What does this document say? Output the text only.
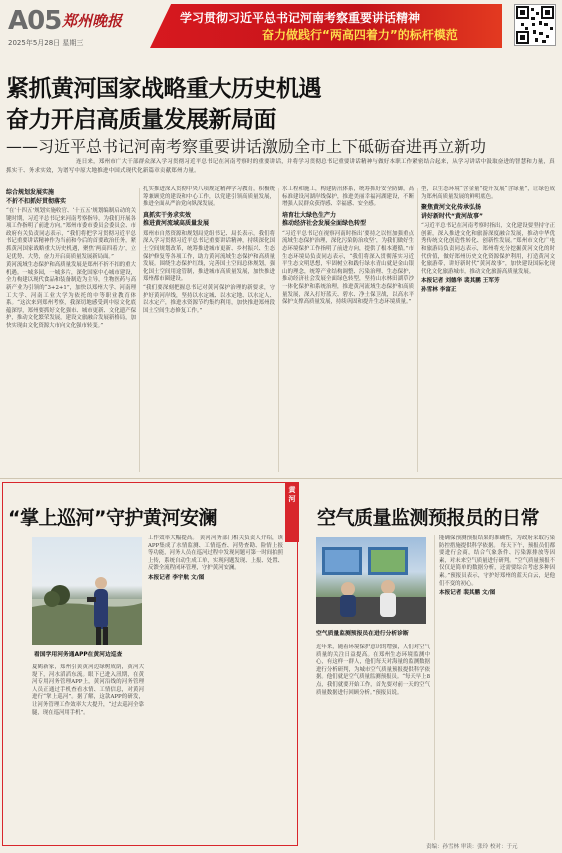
A05 郑州晚报
2025年5月28日 星期三
学习贯彻习近平总书记河南考察重要讲话精神
奋力做践行“两高四着力”的标杆模范
紧抓黄河国家战略重大历史机遇
奋力开启高质量发展新局面
——习近平总书记河南考察重要讲话激励全市上下砥砺奋进再立新功
连日来，郑州市广大干部群众深入学习贯彻习近平总书记在河南考察时的重要讲话，并将学习贯彻总书记重要讲话精神与做好本职工作紧密结合起来，从学习讲话中汲取奋进的智慧和力量，真抓实干、务求实效，为谱写中原大地推进中国式现代化新篇章贡献郑州力量。
综合规划发展实施
不折不扣抓好贯彻落实

“在‘十四五’规划实施收官、‘十五五’规划编制启动的关键时期，习近平总书记来河南考察指导，为我们开展各项工作指明了前进方向。”郑州市委市委员会委员会、市政府有关负责同志表示，“我们将把学习贯彻习近平总书记重要讲话精神作为当前和今后的首要政治任务，紧抓黄河国家战略重大历史机遇，聚焦‘两高四着力’，立足优势、大势，奋力开启高质量发展新局面。”

黄河流域生态保护和高质量发展是郑州不折不扣的重大机遇。一城多园，一城多片，深化国家中心城市建设，全力构建以现代食品和装备制造为主导，生物医药与高新产业为引领的“3+2+1”，加快以郑州大学、河南理工大学、河南工业大学为依托的中等职业教育体系。“这次来到郑州考察，我深切地感受到中原文化底蕴深厚，郑州要抓好文化强市、城市更新、文化遗产保护，推动文化繁荣发展，建设文旅融合发展新格局，加快实现由文化资源大市向文化强市转变。”

扎实推进深入贯彻中央八项规定精神学习教育，积极统筹兼顾党的建设和中心工作，以党建引领高质量发展，推进全面从严治党向纵深发展。

真抓实干务求实效
推进黄河流域高质量发展

郑州市自然资源和规划局党组书记、局长表示，我们将深入学习贯彻习近平总书记重要讲话精神，持续深化国土空间规划改革，统筹推进城市更新、乡村振兴、生态保护修复等各项工作，助力黄河流域生态保护和高质量发展。围绕生态保护红线，完善国土空间总体规划，强化国土空间用途管制，推进城市高质量发展，加快推进郑州都市圈建设。

“我们要深刻把握总书记对黄河保护治理的新要求，守护好黄河岸线，坚持以水定城、以水定地、以水定人、以水定产，推进水资源节约集约利用，加快推进郑州段国土空间生态修复工作。”

水工程和施工，构建防汛体系，统筹抓好安全防御，高标准建设河湖岸线保护，推进美丽幸福河湖建设，不断增强人民群众获得感、幸福感、安全感。

培育壮大绿色生产力
推动经济社会发展全面绿色转型

“习近平总书记在视察河南时指出‘要持之以恒加强重点流域生态保护治理，深化污染防治攻坚’，为我们做好生态环境保护工作指明了前进方向，提供了根本遵循。”市生态环境局负责同志表示，“我们将深入贯彻落实习近平生态文明思想，牢固树立和践行绿水青山就是金山银山的理念，统筹产业结构调整、污染治理、生态保护，推动经济社会发展全面绿色转型，坚持山水林田湖草沙一体化保护和系统治理，推进黄河流域生态保护和高质量发展，深入打好蓝天、碧水、净土保卫战，以高水平保护支撑高质量发展，持续巩固和提升生态环境质量。”

型，以生态环境“含金量”提升发展“含绿量”，让绿色成为郑州高质量发展的鲜明底色。

聚焦黄河文化传承弘扬
讲好新时代“黄河故事”

“习近平总书记在河南考察时指出，文化建设要坚持守正创新，深入推进文化和旅游深度融合发展，推动中华优秀传统文化创造性转化、创新性发展。”郑州市文化广电和旅游局负责同志表示，郑州将充分挖掘黄河文化的时代价值，做好郑州历史文化资源保护利用，打造黄河文化旅游带，讲好新时代“黄河故事”，加快建设国际化现代化文化旅游城市，推动文化旅游高质量发展。

本报记者 刘德华 裴其鹏 王军芳

孙雪林 李富正

黄河
“掌上巡河”守护黄河安澜
看国学用河务通APP在黄河边巡查

工作效率大幅提高。 黄河河务部门相关负责人介绍，该APP集成了水情监测、工情巡查、河势查勘、险情上报等功能，河务人员在巡河过程中发现问题可第一时间拍照上传，系统自动生成工单，实现问题发现、上报、处置、反馈全流程闭环管理，守护黄河安澜。

本报记者 李宇航 文/图

夏鹤新家，郑州引黄黄河边绿树成荫，黄河大堤下，河水滔滔东流。眼下已进入汛期，在黄河专用河务管理APP上，黄河沿线的河务管理人员正通过手机查看水情、工情信息，对黄河进行“掌上巡河”。据了解，这款APP的研发，让河务管理工作效率大大提升，“过去巡河全靠腿，现在巡河用手机”。

空气质量监测预报员的日常
空气质量监测预报员在进行分析诊断

近年来，随着环境保护意识的增强，人们对空气质量的关注日益提高。在郑州生态环境监测中心，有这样一群人，他们每天对海量的监测数据进行分析研判，为城市空气质量预报提供科学依据。他们就是空气质量监测预报员。“每天早上8点，我们就要开始工作，首先要对前一天的空气质量数据进行回顾分析。”预报员说。

能确保预测预报结果的准确性，为政府采取污染防控措施提供科学依据。 每天下午，预报员们都要进行会商，结合气象条件、污染源排放等因素，对未来空气质量进行研判。“空气质量预报不仅仅是简单的数据分析，还需要综合考虑多种因素。”预报员表示，守护好郑州的蓝天白云，是他们不变的初心。

本报记者 裴其鹏 文/图

责编：孙雪林 审读：张玲 校对：于元
